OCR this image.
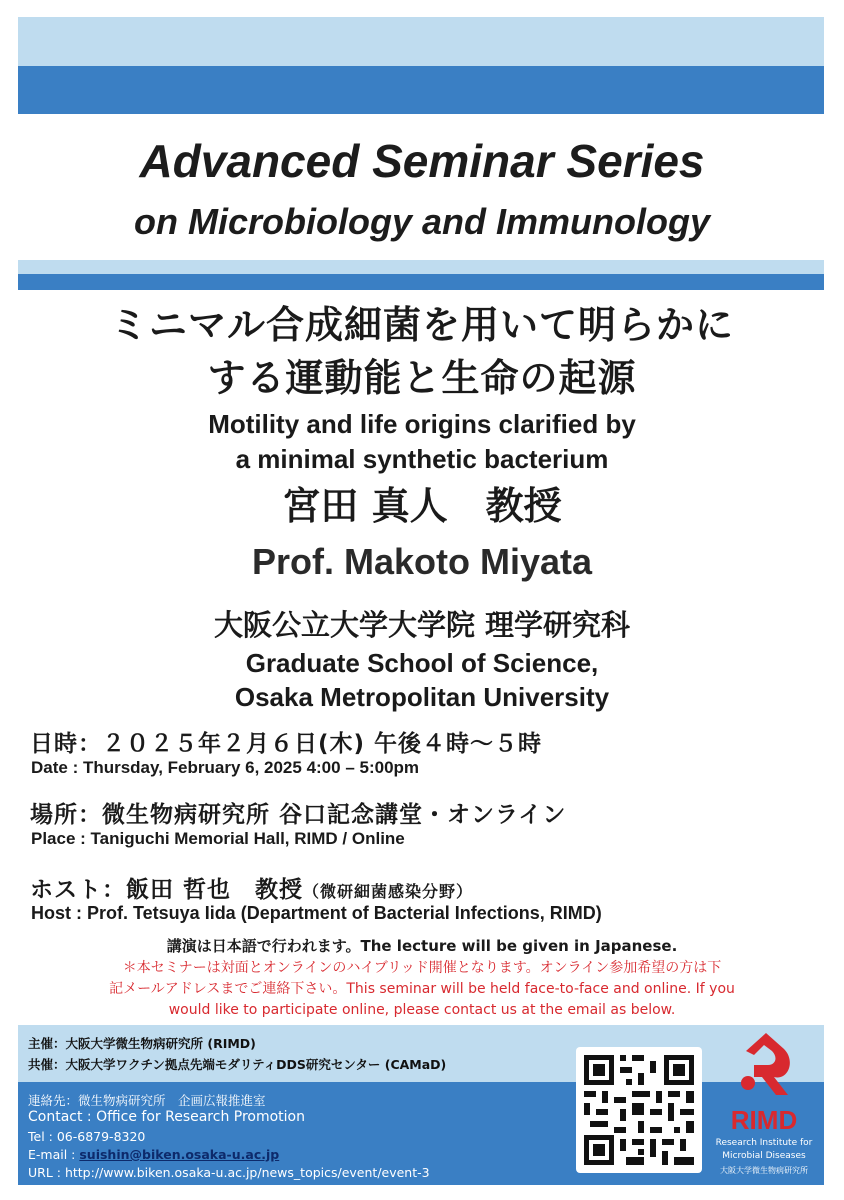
Advanced Seminar Series
on Microbiology and Immunology
ミニマル合成細菌を用いて明らかに
する運動能と生命の起源
Motility and life origins clarified by
a minimal synthetic bacterium
宮田 真人　教授
Prof. Makoto Miyata
大阪公立大学大学院 理学研究科
Graduate School of Science,
Osaka Metropolitan University
日時：２０２５年２月６日(木) 午後４時～５時
Date : Thursday, February 6, 2025 4:00 – 5:00pm
場所：微生物病研究所 谷口記念講堂・オンライン
Place : Taniguchi Memorial Hall, RIMD / Online
ホスト：飯田 哲也　教授（微研細菌感染分野）
Host : Prof. Tetsuya Iida (Department of Bacterial Infections, RIMD)
講演は日本語で行われます。The lecture will be given in Japanese.
＊本セミナーは対面とオンラインのハイブリッド開催となります。オンライン参加希望の方は下
記メールアドレスまでご連絡下さい。This seminar will be held face-to-face and online. If you
would like to participate online, please contact us at the email as below.
主催：大阪大学微生物病研究所 (RIMD)
共催：大阪大学ワクチン拠点先端モダリティDDS研究センター (CAMaD)
連絡先：微生物病研究所　企画広報推進室
Contact : Office for Research Promotion
Tel : 06-6879-8320
E-mail : suishin@biken.osaka-u.ac.jp
URL : http://www.biken.osaka-u.ac.jp/news_topics/event/event-3
RIMD
Research Institute for
Microbial Diseases
大阪大学微生物病研究所
